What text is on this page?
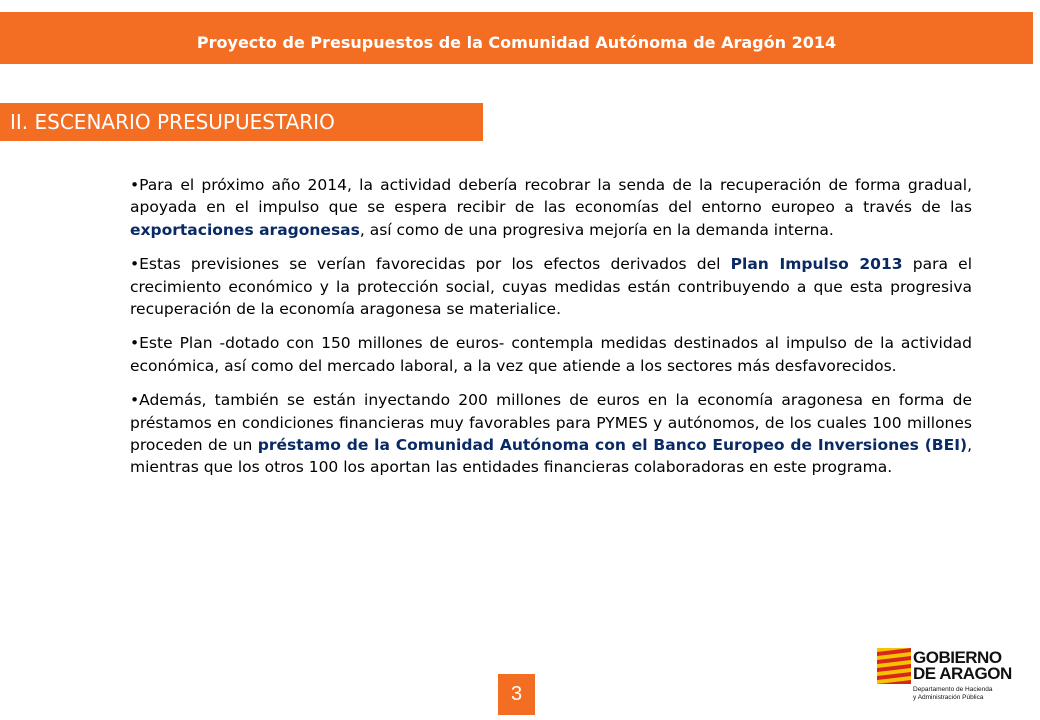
Proyecto de Presupuestos de la Comunidad Autónoma de Aragón 2014
II. ESCENARIO PRESUPUESTARIO

•Para el próximo año 2014, la actividad debería recobrar la senda de la recuperación de forma gradual, apoyada en el impulso que se espera recibir de las economías del entorno europeo a través de las exportaciones aragonesas, así como de una progresiva mejoría en la demanda interna.

•Estas previsiones se verían favorecidas por los efectos derivados del Plan Impulso 2013 para el crecimiento económico y la protección social, cuyas medidas están contribuyendo a que esta progresiva recuperación de la economía aragonesa se materialice.

•Este Plan -dotado con 150 millones de euros- contempla medidas destinados al impulso de la actividad económica, así como del mercado laboral, a la vez que atiende a los sectores más desfavorecidos.

•Además, también se están inyectando 200 millones de euros en la economía aragonesa en forma de préstamos en condiciones financieras muy favorables para PYMES y autónomos, de los cuales 100 millones proceden de un préstamo de la Comunidad Autónoma con el Banco Europeo de Inversiones (BEI), mientras que los otros 100 los aportan las entidades financieras colaboradoras en este programa.

3
GOBIERNO
DE ARAGON
Departamento de Hacienda
y Administración Pública
